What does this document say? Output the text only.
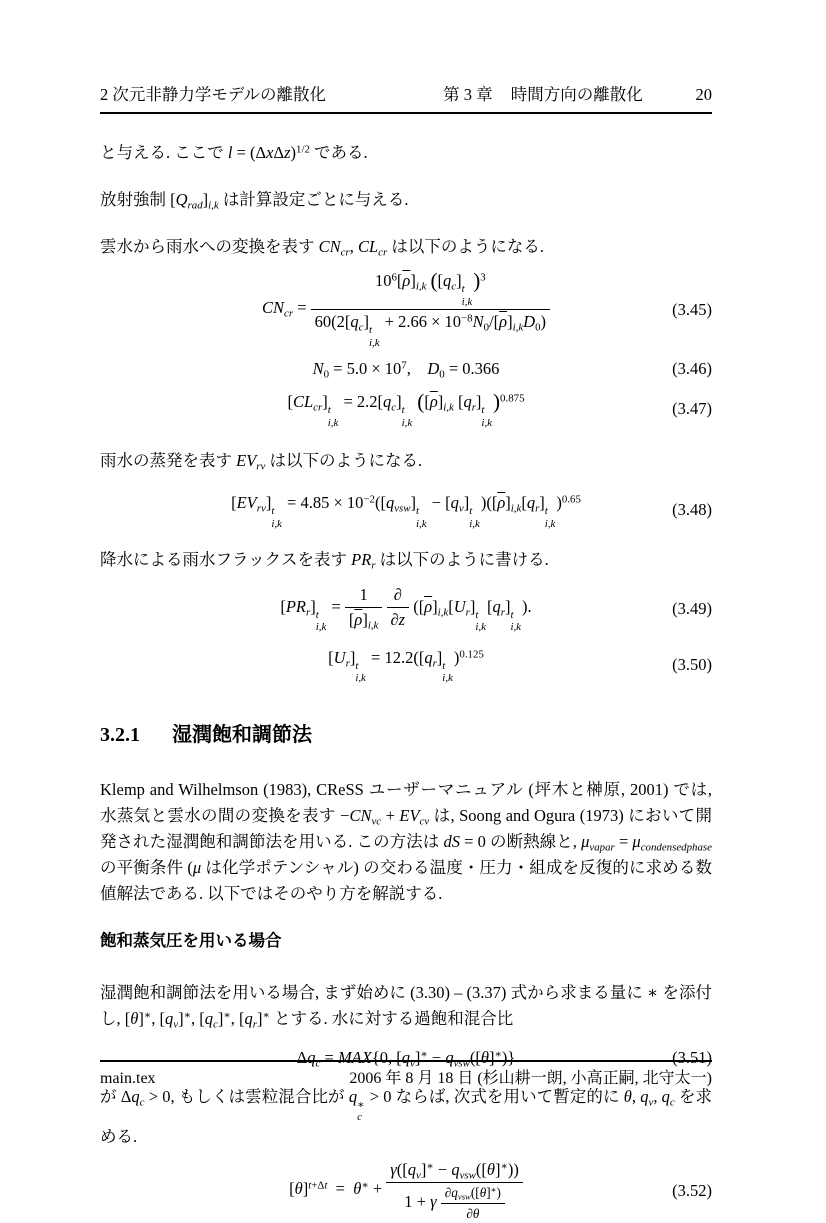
2 次元非静力学モデルの離散化	第 3 章 時間方向の離散化	20

と与える. ここで $l = (\Delta x\Delta z)^{1/2}$ である.

放射強制 $[Q_{rad}]_{i,k}$ は計算設定ごとに与える.

雲水から雨水への変換を表す $CN_{cr}$, $CL_{cr}$ は以下のようになる.

$CN_{cr} = 10^6[\overline{\rho}]_{i,k}$ ($[q_c]$ t
i,k
)$^3$
$60(2[q_c]$ t
i,k
+ $2.66 \times 10^{-8}N_0/[\overline{\rho}]_{i,k}D_0$)	(3.45)
$N_0 = 5.0 \times 10^7$,    $D_0 = 0.366$	(3.46)
$[CL_{cr}]$ t
i,k
= $2.2[q_c]$ t
i,k
($[\overline{\rho}]_{i,k}$ $[q_r]$ t
i,k
)$^{0.875}$
(3.47)

雨水の蒸発を表す $EV_{rv}$ は以下のようになる.

$[EV_{rv}]$ t
i,k
= $4.85 \times 10^{-2}([q_{vsw}]$ t
i,k
− $[q_v]$ t
i,k
)($[\overline{\rho}]_{i,k}[q_r]$ t
i,k
)$^{0.65}$
(3.48)

降水による雨水フラックスを表す $PR_r$ は以下のように書ける.

$[PR_r]$ t
i,k
= $\frac{1}{[\overline{\rho}]_{i,k}}$
$\frac{\partial}{\partial z} ([\overline{\rho}]_{i,k}[U_r]$ t
i,k
$[q_r]$ t
i,k
).	(3.49)
$[U_r]$ t
i,k
= $12.2([q_r]$ t
i,k
)$^{0.125}$
(3.50)
3.2.1 湿潤飽和調節法

Klemp and Wilhelmson (1983), CReSS ユーザーマニュアル (坪木と榊原, 2001) では, 水蒸気と雲水の間の変換を表す $-CN_{vc} + EV_{cv}$ は, Soong and Ogura (1973) において開発された湿潤飽和調節法を用いる. この方法は dS = 0 の断熱線と, $\mu_{vapar} = \mu_{condensedphase}$ の平衡条件 (μ は化学ポテンシャル) の交わる温度・圧力・組成を反復的に求める数値解法である. 以下ではそのやり方を解説する.

飽和蒸気圧を用いる場合

湿潤飽和調節法を用いる場合, まず始めに (3.30) – (3.37) 式から求まる量に ∗ を添付し, [θ]∗, $[q_v]^∗$, $[q_c]^∗$, $[q_r]^∗$ とする. 水に対する過飽和混合比

$\Delta q_c = MAX\{0$, $[q_v]^∗ - q_{vsw}([\theta]^∗)$}	(3.51)

が $\Delta q_c > 0$, もしくは雲粒混合比が q ∗
c
> 0 ならば, 次式を用いて暫定的に θ, $q_v$, $q_c$ を求める.

$[\theta]^{t+\Delta t} = \theta^∗ + \frac{\gamma([q_v]^∗ - q_{vsw}([\theta]^∗))}{1 + \gamma \frac{\partial q_{vsw}([\theta]^∗)}{\partial\theta}}$	(3.52)
main.tex	2006 年 8 月 18 日 (杉山耕一朗, 小高正嗣, 北守太一)
